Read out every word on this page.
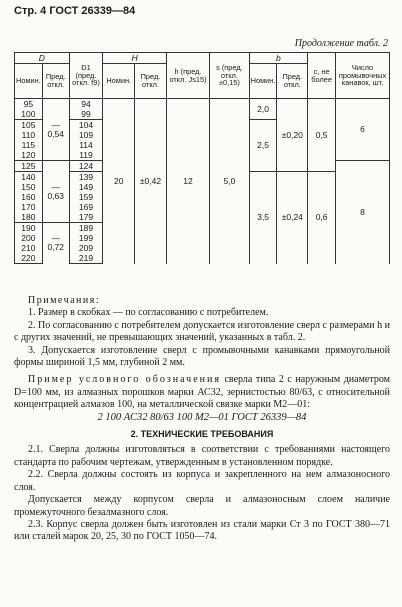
Стр. 4 ГОСТ 26339—84
Продолжение табл. 2
D		D1 (пред. откл. f9)	H		h (пред. откл. Js15)	s (пред. откл. ±0,15)	b		c, не более	Число промывочных канавок, шт.
Номин.	Пред. откл.		Номин.	Пред. откл.			Номин.	Пред. откл.		
95	—0,54	94	20	±0,42	12	5,0	2,0	±0,20	0,5	6
100		99								
105		104					2,5			
110		109								
115		114								
120		119								
125	—0,63	124								8
140		139					3,5	±0,24	0,6	
150		149								
160		159								
170		169								
180		179								
190	—0,72	189								
200		199								
210		209								
220		219								

Примечания:

1. Размер в скобках — по согласованию с потребителем.

2. По согласованию с потребителем допускается изготовление сверл с размерами h и c других значений, не превышающих значений, указанных в табл. 2.

3. Допускается изготовление сверл с промывочными канавками прямоугольной формы шириной 1,5 мм, глубиной 2 мм.

Пример условного обозначения сверла типа 2 с наружным диаметром D=100 мм, из алмазных порошков марки АС32, зернистостью 80/63, с относительной концентрацией алмазов 100, на металлической связке марки М2—01:

2 100 АС32 80/63 100 М2—01 ГОСТ 26339—84

2. ТЕХНИЧЕСКИЕ ТРЕБОВАНИЯ

2.1. Сверла должны изготовляться в соответствии с требованиями настоящего стандарта по рабочим чертежам, утвержденным в установленном порядке.

2.2. Сверла должны состоять из корпуса и закрепленного на нем алмазоносного слоя.

Допускается между корпусом сверла и алмазоносным слоем наличие промежуточного безалмазного слоя.

2.3. Корпус сверла должен быть изготовлен из стали марки Ст 3 по ГОСТ 380—71 или сталей марок 20, 25, 30 по ГОСТ 1050—74.
